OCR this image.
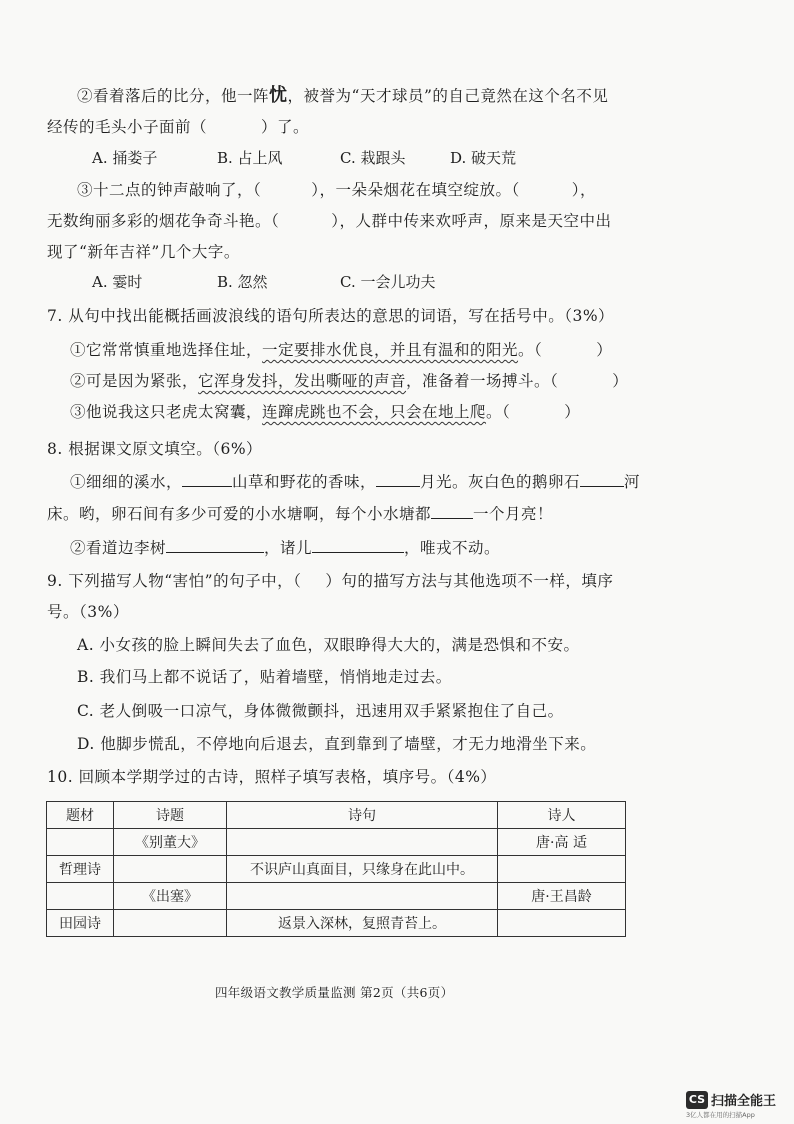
②看着落后的比分，他一阵忧，被誉为“天才球员”的自己竟然在这个名不见
经传的毛头小子面前（	）了。
A. 捅娄子	B. 占上风	C. 栽跟头	D. 破天荒
③十二点的钟声敲响了，（	），一朵朵烟花在填空绽放。（	），
无数绚丽多彩的烟花争奇斗艳。（	），人群中传来欢呼声，原来是天空中出
现了“新年吉祥”几个大字。
A. 霎时	B. 忽然	C. 一会儿功夫
7. 从句中找出能概括画波浪线的语句所表达的意思的词语，写在括号中。（3%）
①它常常慎重地选择住址，一定要排水优良，并且有温和的阳光。（	）
②可是因为紧张，它浑身发抖，发出嘶哑的声音，准备着一场搏斗。（	）
③他说我这只老虎太窝囊，连蹿虎跳也不会，只会在地上爬。（	）
8. 根据课文原文填空。（6%）
①细细的溪水，	山草和野花的香味，	月光。灰白色的鹅卵石	河
床。哟，卵石间有多少可爱的小水塘啊，每个小水塘都	一个月亮！
②看道边李树	，诸儿	，唯戎不动。
9. 下列描写人物“害怕”的句子中，（ ）句的描写方法与其他选项不一样，填序
号。（3%）
A. 小女孩的脸上瞬间失去了血色，双眼睁得大大的，满是恐惧和不安。
B. 我们马上都不说话了，贴着墙壁，悄悄地走过去。
C. 老人倒吸一口凉气，身体微微颤抖，迅速用双手紧紧抱住了自己。
D. 他脚步慌乱，不停地向后退去，直到靠到了墙壁，才无力地滑坐下来。
10. 回顾本学期学过的古诗，照样子填写表格，填序号。（4%）
题材	诗题	诗句	诗人
	《别董大》		唐·高 适
哲理诗		不识庐山真面目，只缘身在此山中。	
	《出塞》		唐·王昌龄
田园诗		返景入深林，复照青苔上。	
四年级语文教学质量监测 第2页（共6页）
CS 扫描全能王
3亿人都在用的扫描App
